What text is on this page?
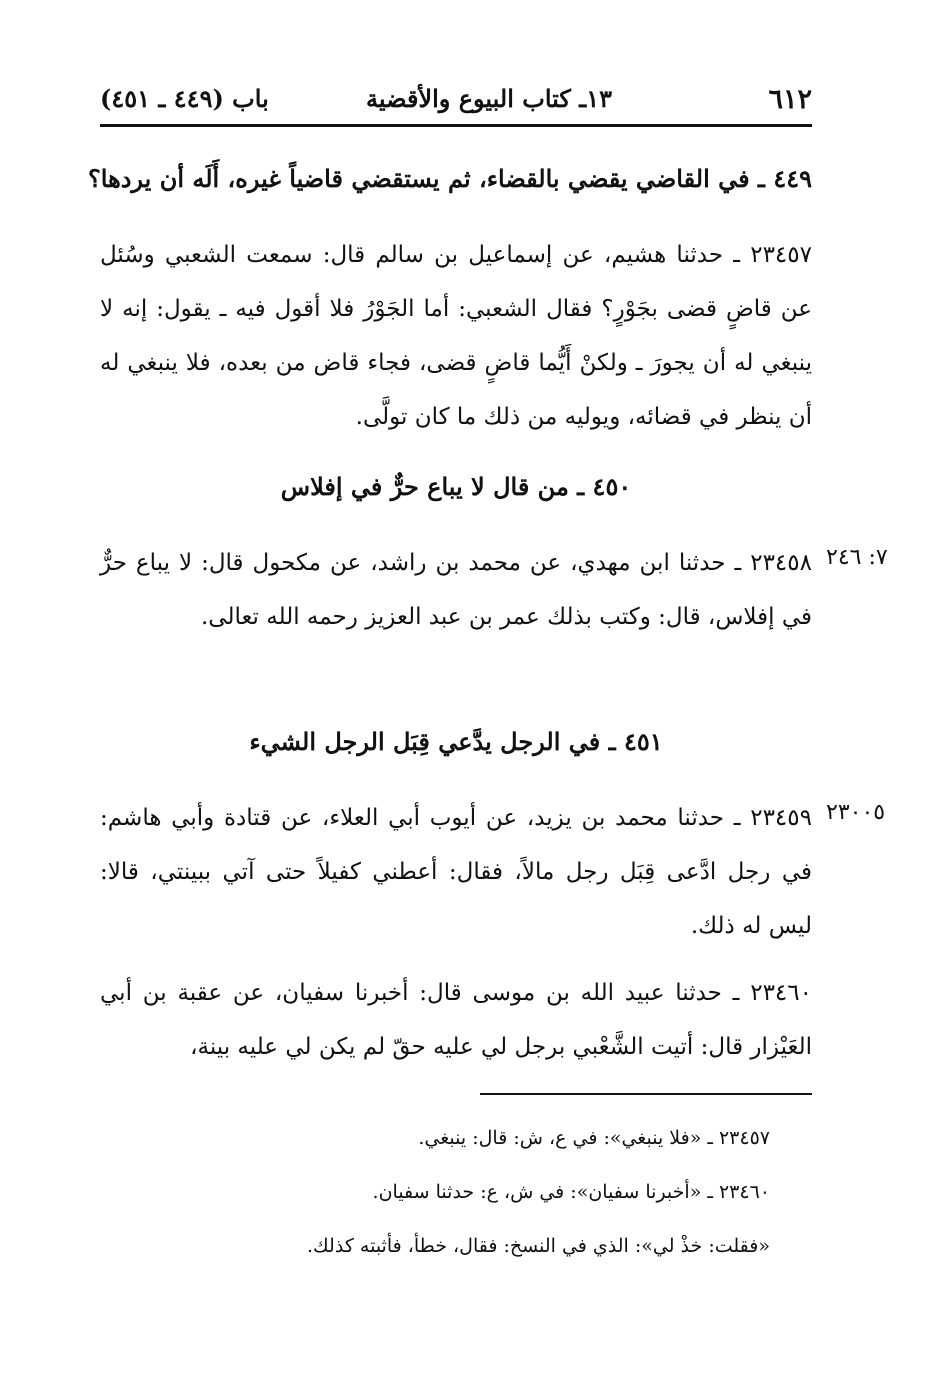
٦١٢
١٣ـ كتاب البيوع والأقضية
باب (٤٤٩ ـ ٤٥١)
٤٤٩ ـ في القاضي يقضي بالقضاء، ثم يستقضي قاضياً غيره، أَلَه أن يردها؟
٢٣٤٥٧ ـ حدثنا هشيم، عن إسماعيل بن سالم قال: سمعت الشعبي وسُئل عن قاضٍ قضى بجَوْرٍ؟ فقال الشعبي: أما الجَوْرُ فلا أقول فيه ـ يقول: إنه لا ينبغي له أن يجورَ ـ ولكنْ أَيُّما قاضٍ قضى، فجاء قاض من بعده، فلا ينبغي له أن ينظر في قضائه، ويوليه من ذلك ما كان تولَّى.
٤٥٠ ـ من قال لا يباع حرٌّ في إفلاس
٧: ٢٤٦
٢٣٤٥٨ ـ حدثنا ابن مهدي، عن محمد بن راشد، عن مكحول قال: لا يباع حرٌّ في إفلاس، قال: وكتب بذلك عمر بن عبد العزيز رحمه الله تعالى.
٤٥١ ـ في الرجل يدَّعي قِبَل الرجل الشيء
٢٣٠٠٥
٢٣٤٥٩ ـ حدثنا محمد بن يزيد، عن أيوب أبي العلاء، عن قتادة وأبي هاشم: في رجل ادَّعى قِبَل رجل مالاً، فقال: أعطني كفيلاً حتى آتي ببينتي، قالا: ليس له ذلك.
٢٣٤٦٠ ـ حدثنا عبيد الله بن موسى قال: أخبرنا سفيان، عن عقبة بن أبي العَيْزار قال: أتيت الشَّعْبي برجل لي عليه حقّ لم يكن لي عليه بينة،
٢٣٤٥٧ ـ «فلا ينبغي»: في ع، ش: قال: ينبغي.
٢٣٤٦٠ ـ «أخبرنا سفيان»: في ش، ع: حدثنا سفيان.
«فقلت: خذْ لي»: الذي في النسخ: فقال، خطأ، فأثبته كذلك.
